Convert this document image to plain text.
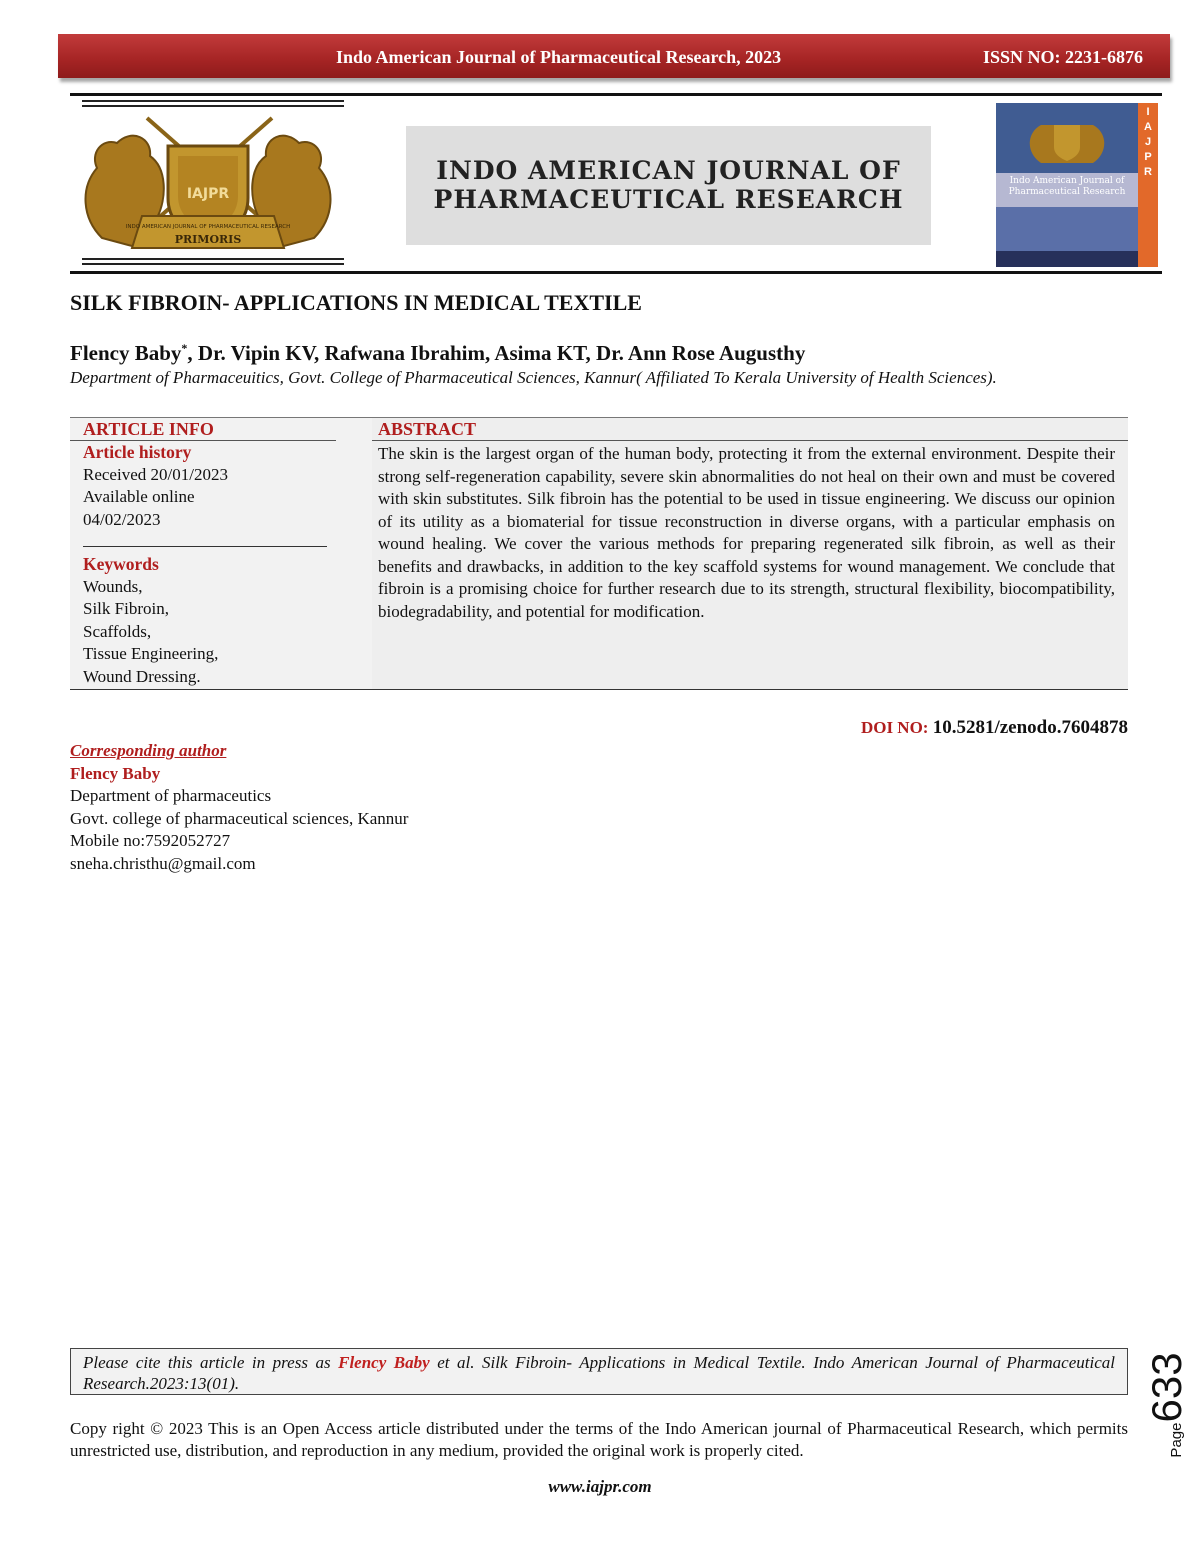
Indo American Journal of Pharmaceutical Research, 2023	ISSN NO: 2231-6876
IAJPR
INDO AMERICAN JOURNAL OF PHARMACEUTICAL RESEARCH
PRIMORIS
INDO AMERICAN JOURNAL OF
PHARMACEUTICAL RESEARCH
Indo American Journal of Pharmaceutical Research
IAJPR
SILK FIBROIN- APPLICATIONS IN MEDICAL TEXTILE
Flency Baby*, Dr. Vipin KV, Rafwana Ibrahim, Asima KT, Dr. Ann Rose Augusthy
Department of Pharmaceuitics, Govt. College of Pharmaceutical Sciences, Kannur( Affiliated To Kerala University of Health Sciences).
ARTICLE INFO
Article history
Received 20/01/2023
Available online
04/02/2023
Keywords
Wounds,
Silk Fibroin,
Scaffolds,
Tissue Engineering,
Wound Dressing.
ABSTRACT
The skin is the largest organ of the human body, protecting it from the external environment. Despite their strong self-regeneration capability, severe skin abnormalities do not heal on their own and must be covered with skin substitutes. Silk fibroin has the potential to be used in tissue engineering. We discuss our opinion of its utility as a biomaterial for tissue reconstruction in diverse organs, with a particular emphasis on wound healing. We cover the various methods for preparing regenerated silk fibroin, as well as their benefits and drawbacks, in addition to the key scaffold systems for wound management. We conclude that fibroin is a promising choice for further research due to its strength, structural flexibility, biocompatibility, biodegradability, and potential for modification.
DOI NO: 10.5281/zenodo.7604878
Corresponding author
Flency Baby
Department of pharmaceutics
Govt. college of pharmaceutical sciences, Kannur
Mobile no:7592052727
sneha.christhu@gmail.com
Please cite this article in press as Flency Baby et al. Silk Fibroin- Applications in Medical Textile. Indo American Journal of Pharmaceutical Research.2023:13(01).
Page633
Copy right © 2023 This is an Open Access article distributed under the terms of the Indo American journal of Pharmaceutical Research, which permits unrestricted use, distribution, and reproduction in any medium, provided the original work is properly cited.
www.iajpr.com
